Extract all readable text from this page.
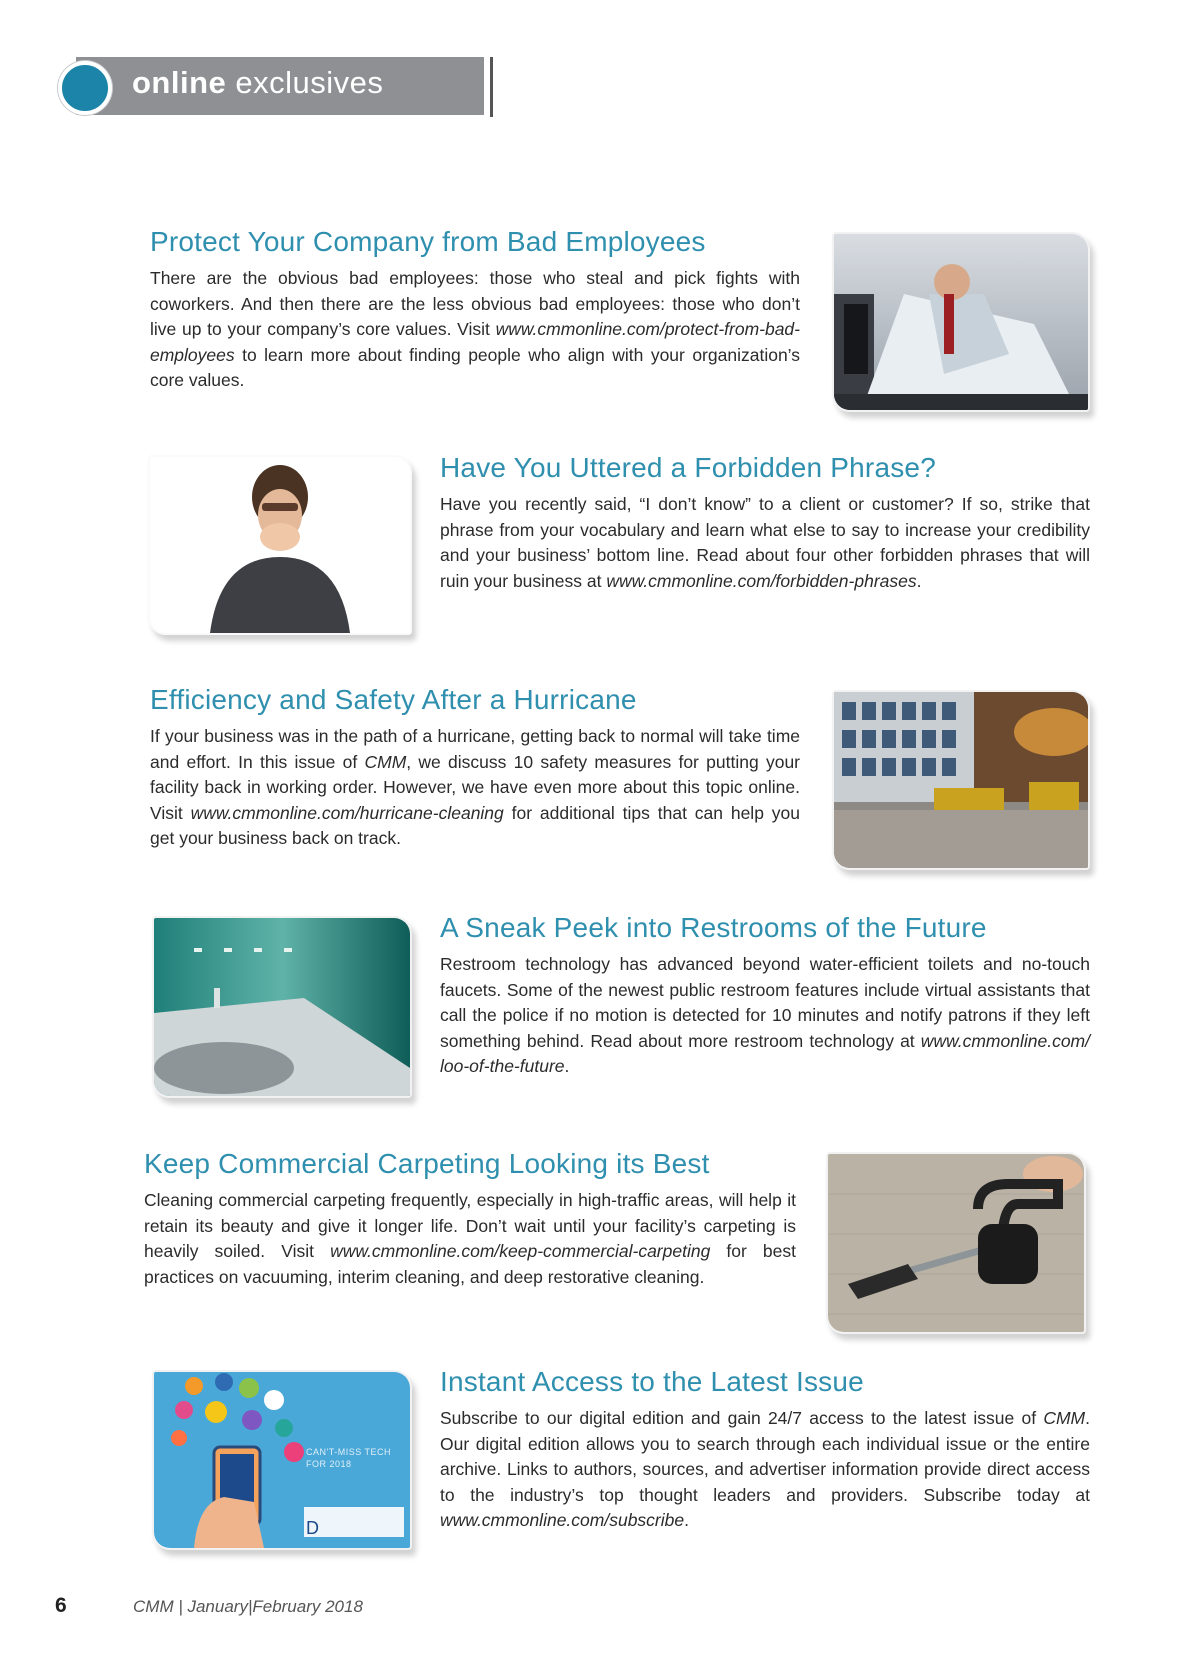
online exclusives
Protect Your Company from Bad Employees

There are the obvious bad employees: those who steal and pick fights with coworkers. And then there are the less obvious bad employees: those who don’t live up to your company’s core values. Visit www.cmmonline.com/protect-from-bad-employees to learn more about finding people who align with your organization’s core values.

Have You Uttered a Forbidden Phrase?

Have you recently said, “I don’t know” to a client or customer? If so, strike that phrase from your vocabulary and learn what else to say to increase your credibility and your business’ bottom line. Read about four other forbidden phrases that will ruin your business at www.cmmonline.com/forbidden-phrases.

Efficiency and Safety After a Hurricane

If your business was in the path of a hurricane, getting back to normal will take time and effort. In this issue of CMM, we discuss 10 safety measures for putting your facility back in working order. However, we have even more about this topic online. Visit www.cmmonline.com/hurricane-cleaning for additional tips that can help you get your business back on track.

A Sneak Peek into Restrooms of the Future

Restroom technology has advanced beyond water-efficient toilets and no-touch faucets. Some of the newest public restroom features include virtual assistants that call the police if no motion is detected for 10 minutes and notify patrons if they left something behind. Read about more restroom technology at www.cmmonline.com/ loo-of-the-future.

Keep Commercial Carpeting Looking its Best

Cleaning commercial carpeting frequently, especially in high-traffic areas, will help it retain its beauty and give it longer life. Don’t wait until your facility’s carpeting is heavily soiled. Visit www.cmmonline.com/keep-commercial-carpeting for best practices on vacuuming, interim cleaning, and deep restorative cleaning.

CAN'T-MISS TECH
FOR 2018
D
Instant Access to the Latest Issue

Subscribe to our digital edition and gain 24/7 access to the latest issue of CMM. Our digital edition allows you to search through each individual issue or the entire archive. Links to authors, sources, and advertiser information provide direct access to the industry’s top thought leaders and providers. Subscribe today at www.cmmonline.com/subscribe.

6	CMM | January|February 2018
